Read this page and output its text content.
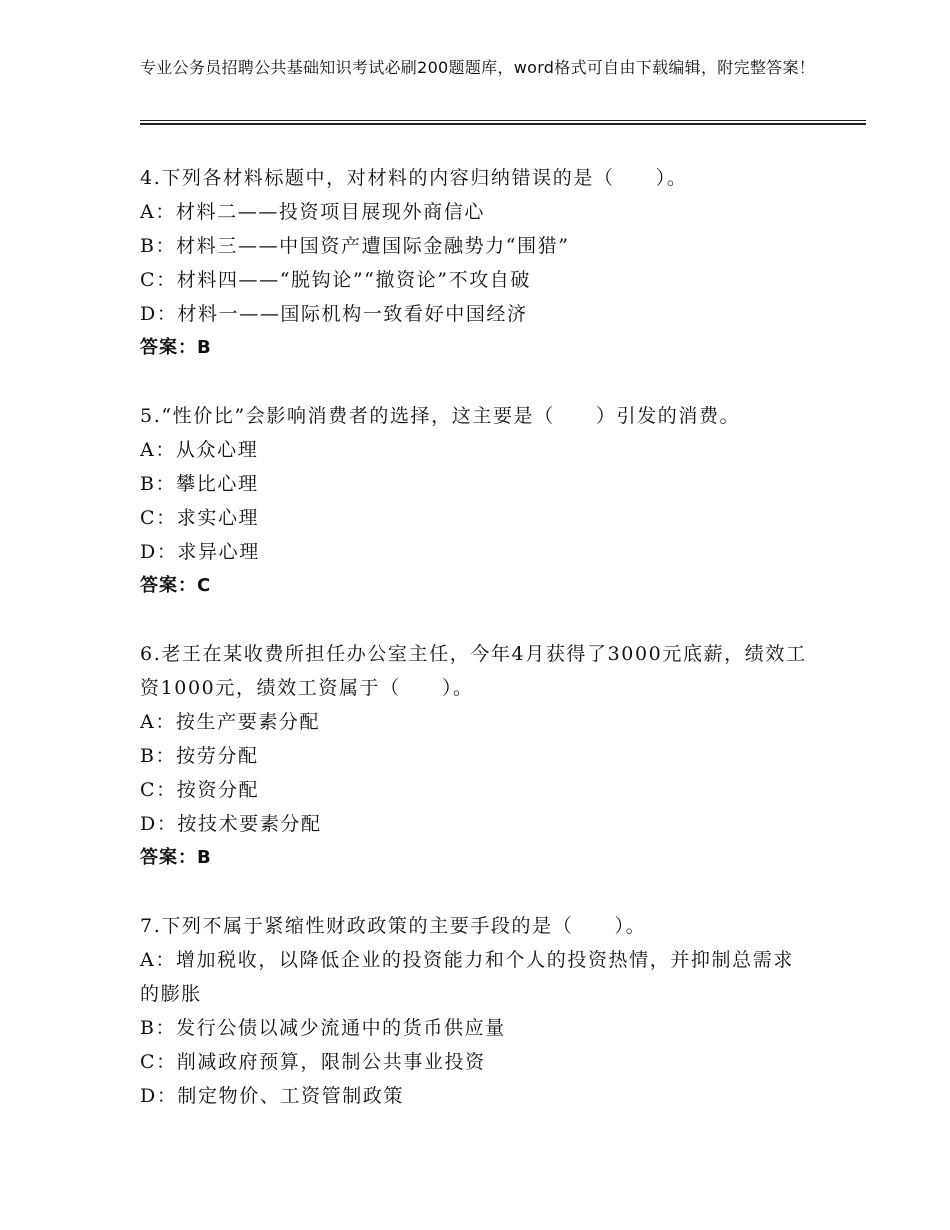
专业公务员招聘公共基础知识考试必刷200题题库，word格式可自由下载编辑，附完整答案！
4.下列各材料标题中，对材料的内容归纳错误的是（　　）。
A：材料二——投资项目展现外商信心
B：材料三——中国资产遭国际金融势力“围猎”
C：材料四——“脱钩论”“撤资论”不攻自破
D：材料一——国际机构一致看好中国经济
答案：B
5.“性价比”会影响消费者的选择，这主要是（　　）引发的消费。
A：从众心理
B：攀比心理
C：求实心理
D：求异心理
答案：C
6.老王在某收费所担任办公室主任，今年4月获得了3000元底薪，绩效工资1000元，绩效工资属于（　　）。
A：按生产要素分配
B：按劳分配
C：按资分配
D：按技术要素分配
答案：B
7.下列不属于紧缩性财政政策的主要手段的是（　　）。
A：增加税收，以降低企业的投资能力和个人的投资热情，并抑制总需求的膨胀
B：发行公债以减少流通中的货币供应量
C：削减政府预算，限制公共事业投资
D：制定物价、工资管制政策
